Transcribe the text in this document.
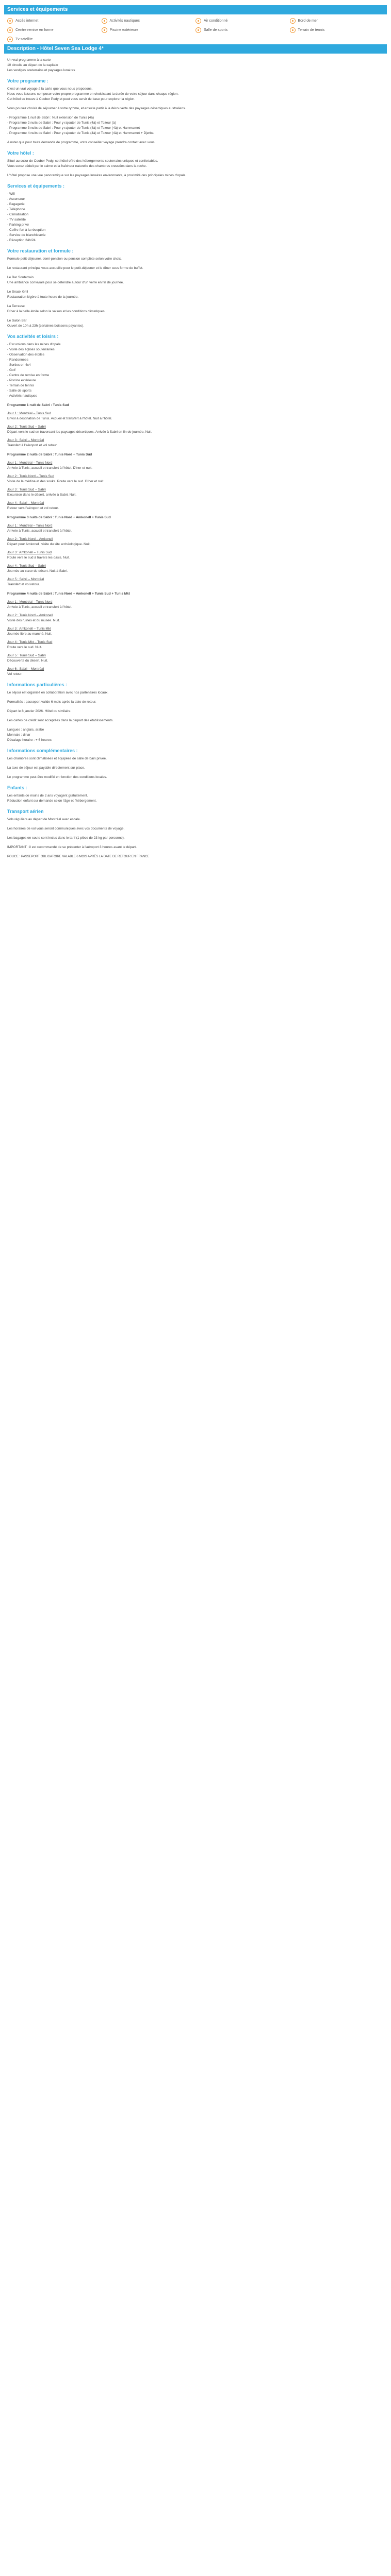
Services et équipements
Accès internet	Activités nautiques	Air conditionné	Bord de mer
Centre remise en forme	Piscine extérieure	Salle de sports	Terrain de tennis
Tv satellite
Description - Hôtel Seven Sea Lodge 4*
Un vrai programme à la carte
10 circuits au départ de la capitale
Les vestiges souterrains et paysages lunaires
Votre programme :
C'est un vrai voyage à la carte que vous nous proposons.
Nous vous laissons composer votre propre programme en choisissant la durée de votre séjour dans chaque région.
Cet hôtel se trouve à Coober Pedy et peut vous servir de base pour explorer la région.
Vous pouvez choisir de séjourner à votre rythme, et ensuite partir à la découverte des paysages désertiques australiens.
- Programme 1 nuit de Sabri : Nuit extension de Tunis (4à)
- Programme 2 nuits de Sabri : Pour y rajouter de Tunis (4à) et Tozeur (à)
- Programme 3 nuits de Sabri : Pour y rajouter de Tunis (4à) et Tozeur (4à) et Hammamet
- Programme 4 nuits de Sabri : Pour y rajouter de Tunis (4à) et Tozeur (4à) et Hammamet + Djerba
A noter que pour toute demande de programme, votre conseiller voyage prendra contact avec vous.
Votre hôtel :
Situé au cœur de Coober Pedy, cet hôtel offre des hébergements souterrains uniques et confortables.
Vous serez séduit par le calme et la fraîcheur naturelle des chambres creusées dans la roche.
L'hôtel propose une vue panoramique sur les paysages lunaires environnants, à proximité des principales mines d'opale.
Services et équipements :
- Wifi
- Ascenseur
- Bagagerie
- Téléphone
- Climatisation
- TV satellite
- Parking privé
- Coffre-fort à la réception
- Service de blanchisserie
- Réception 24h/24
Votre restauration et formule :
Formule petit-déjeuner, demi-pension ou pension complète selon votre choix.
Le restaurant principal vous accueille pour le petit-déjeuner et le dîner sous forme de buffet.
Le Bar Souterrain
Une ambiance conviviale pour se détendre autour d'un verre en fin de journée.
Le Snack Grill
Restauration légère à toute heure de la journée.
La Terrasse
Dîner à la belle étoile selon la saison et les conditions climatiques.
Le Salon Bar
Ouvert de 10h à 23h (certaines boissons payantes).
Vos activités et loisirs :
- Excursions dans les mines d'opale
- Visite des églises souterraines
- Observation des étoiles
- Randonnées
- Sorties en 4x4
- Golf
- Centre de remise en forme
- Piscine extérieure
- Terrain de tennis
- Salle de sports
- Activités nautiques
Programme 1 nuit de Sabri : Tunis Sud
Jour 1 : Montréal – Tunis Sud
Envol à destination de Tunis. Accueil et transfert à l'hôtel. Nuit à l'hôtel.
Jour 2 : Tunis Sud – Sabri
Départ vers le sud en traversant les paysages désertiques. Arrivée à Sabri en fin de journée. Nuit.
Jour 3 : Sabri – Montréal
Transfert à l'aéroport et vol retour.
Programme 2 nuits de Sabri : Tunis Nord + Tunis Sud
Jour 1 : Montréal – Tunis Nord
Arrivée à Tunis, accueil et transfert à l'hôtel. Dîner et nuit.
Jour 2 : Tunis Nord – Tunis Sud
Visite de la médina et des souks. Route vers le sud. Dîner et nuit.
Jour 3 : Tunis Sud – Sabri
Excursion dans le désert, arrivée à Sabri. Nuit.
Jour 4 : Sabri – Montréal
Retour vers l'aéroport et vol retour.
Programme 3 nuits de Sabri : Tunis Nord + Amkonell + Tunis Sud
Jour 1 : Montréal – Tunis Nord
Arrivée à Tunis, accueil et transfert à l'hôtel.
Jour 2 : Tunis Nord – Amkonell
Départ pour Amkonell, visite du site archéologique. Nuit.
Jour 3 : Amkonell – Tunis Sud
Route vers le sud à travers les oasis. Nuit.
Jour 4 : Tunis Sud – Sabri
Journée au cœur du désert. Nuit à Sabri.
Jour 5 : Sabri – Montréal
Transfert et vol retour.
Programme 4 nuits de Sabri : Tunis Nord + Amkonell + Tunis Sud + Tunis Mkt
Jour 1 : Montréal – Tunis Nord
Arrivée à Tunis, accueil et transfert à l'hôtel.
Jour 2 : Tunis Nord – Amkonell
Visite des ruines et du musée. Nuit.
Jour 3 : Amkonell – Tunis Mkt
Journée libre au marché. Nuit.
Jour 4 : Tunis Mkt – Tunis Sud
Route vers le sud. Nuit.
Jour 5 : Tunis Sud – Sabri
Découverte du désert. Nuit.
Jour 6 : Sabri – Montréal
Vol retour.
Informations particulières :
Le séjour est organisé en collaboration avec nos partenaires locaux.
Formalités : passeport valide 6 mois après la date de retour.
Départ le 8 janvier 2026. Hôtel ou similaire.
Les cartes de crédit sont acceptées dans la plupart des établissements.
Langues : anglais, arabe
Monnaie : dinar
Décalage horaire : + 6 heures
Informations complémentaires :
Les chambres sont climatisées et équipées de salle de bain privée.
La taxe de séjour est payable directement sur place.
Le programme peut être modifié en fonction des conditions locales.
Enfants :
Les enfants de moins de 2 ans voyagent gratuitement.
Réduction enfant sur demande selon l'âge et l'hébergement.
Transport aérien
Vols réguliers au départ de Montréal avec escale.
Les horaires de vol vous seront communiqués avec vos documents de voyage.
Les bagages en soute sont inclus dans le tarif (1 pièce de 23 kg par personne).
IMPORTANT : il est recommandé de se présenter à l'aéroport 3 heures avant le départ.
POLICE : PASSEPORT OBLIGATOIRE VALABLE 6 MOIS APRÈS LA DATE DE RETOUR EN FRANCE
